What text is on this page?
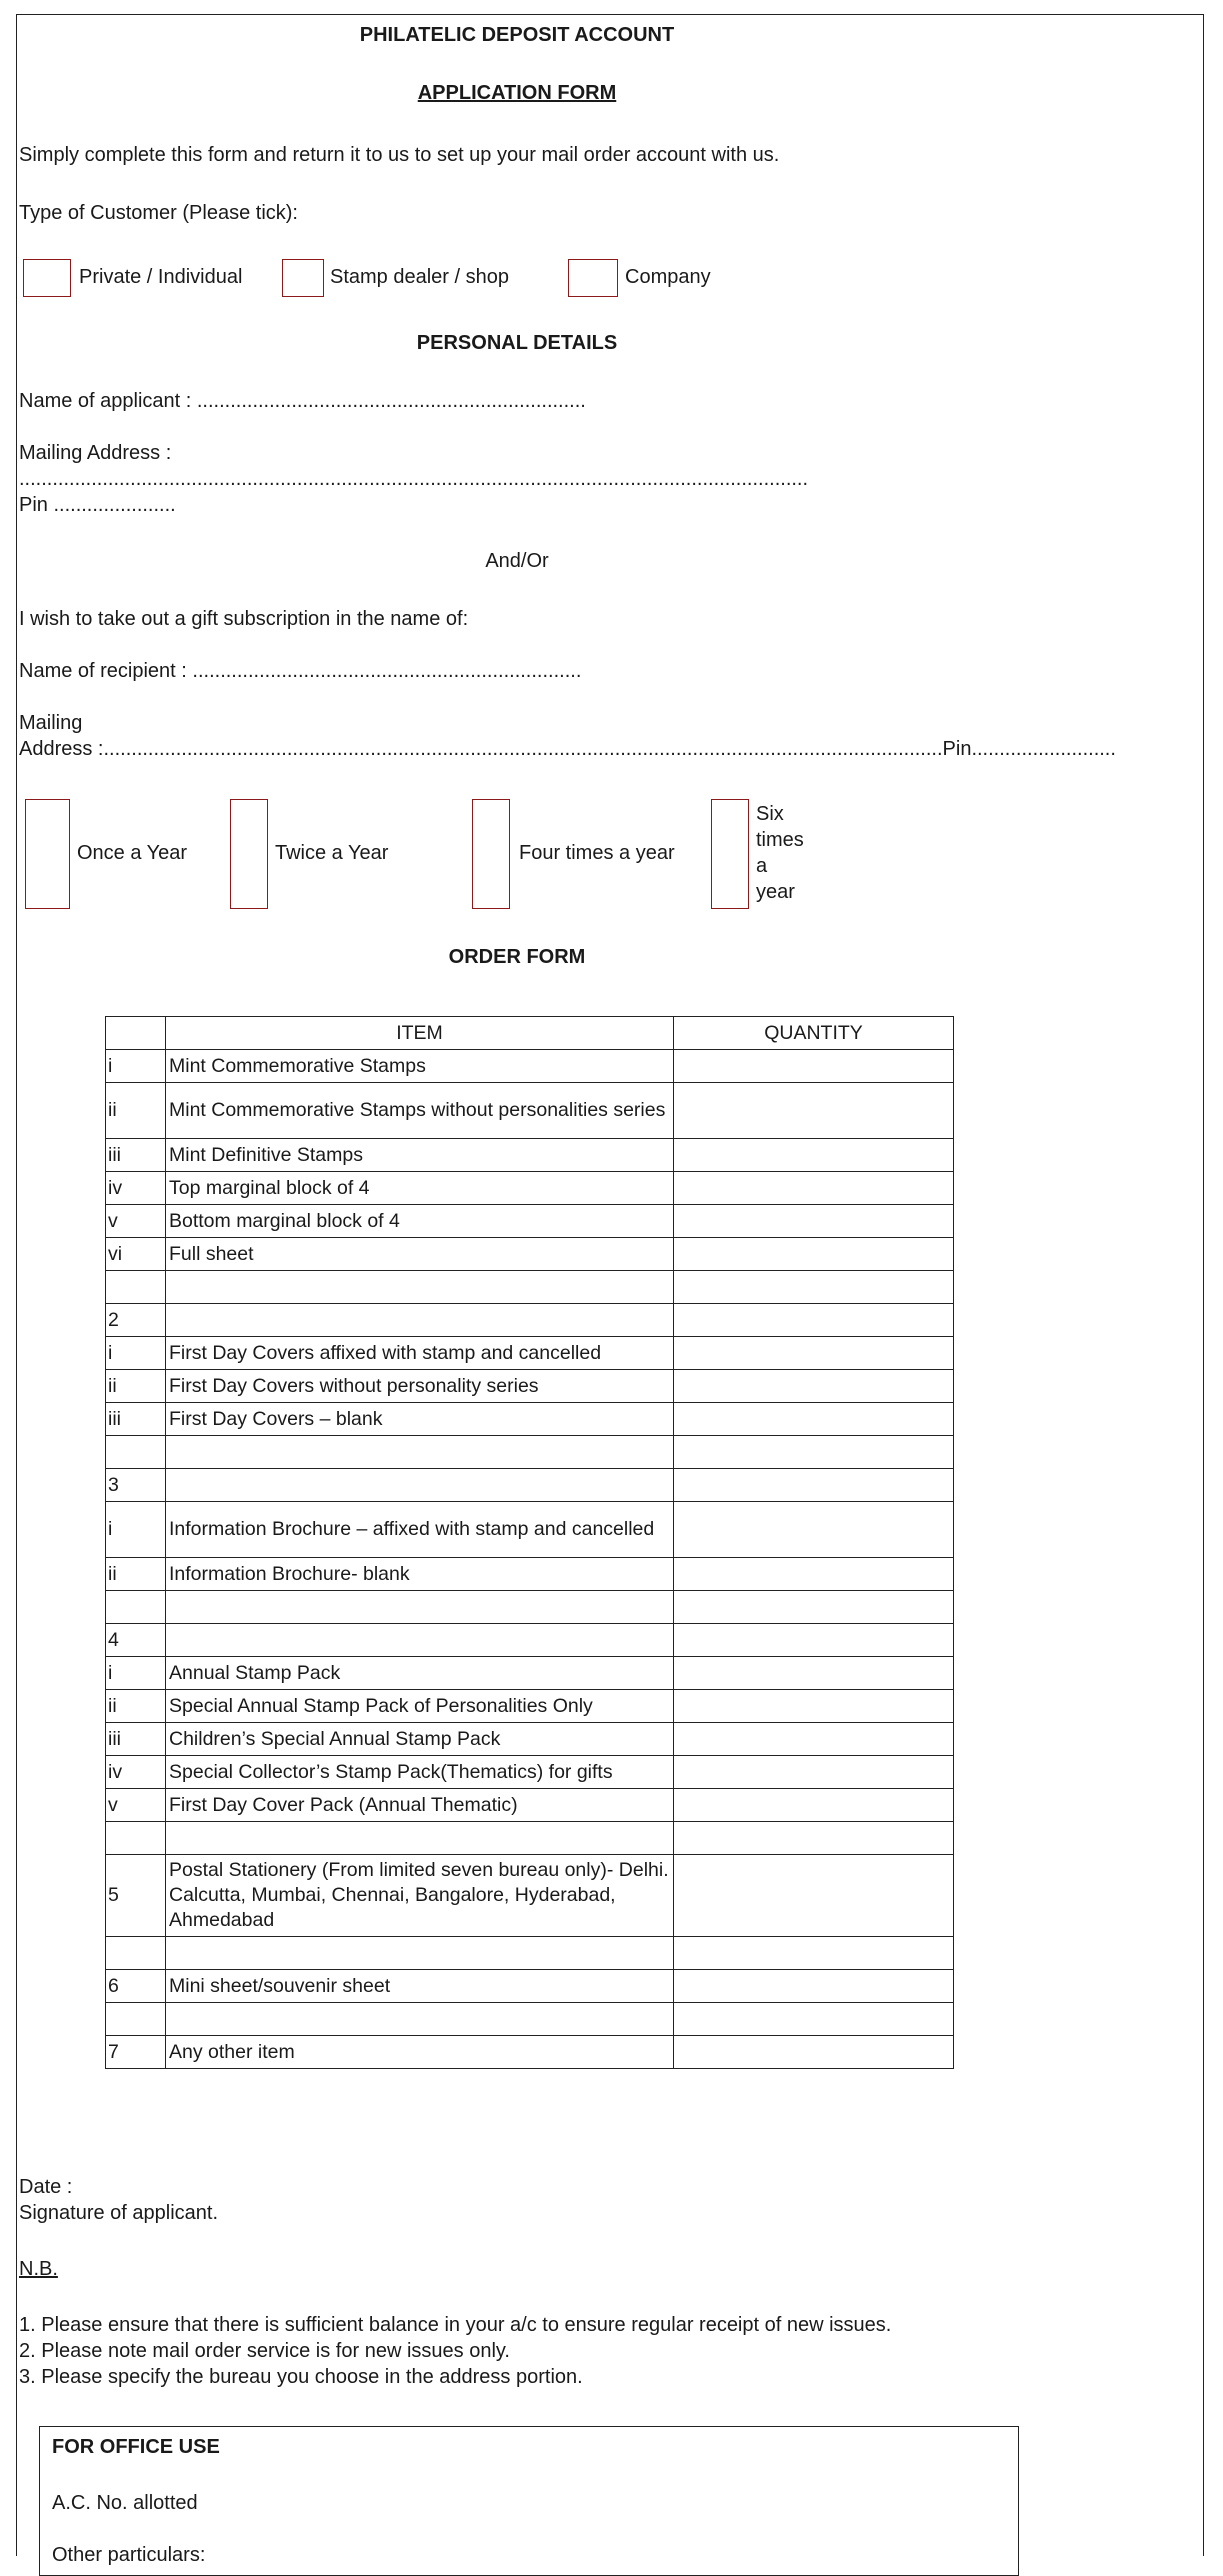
PHILATELIC DEPOSIT ACCOUNT
APPLICATION FORM
Simply complete this form and return it to us to set up your mail order account with us.
Type of Customer (Please tick):
Private / Individual	Stamp dealer / shop	Company
PERSONAL DETAILS
Name of applicant : ......................................................................
Mailing Address :
..............................................................................................................................................
Pin ......................
And/Or
I wish to take out a gift subscription in the name of:
Name of recipient : ......................................................................
Mailing
Address :.......................................................................................................................................................Pin..........................
Once a Year	Twice a Year	Four times a year
Six
times
a
year
ORDER FORM
	ITEM	QUANTITY
i	Mint Commemorative Stamps	
ii	Mint Commemorative Stamps without personalities series	
iii	Mint Definitive Stamps	
iv	Top marginal block of 4	
v	Bottom marginal block of 4	
vi	Full sheet	

2		
i	First Day Covers affixed with stamp and cancelled	
ii	First Day Covers without personality series	
iii	First Day Covers – blank	

3		
i	Information Brochure – affixed with stamp and cancelled	
ii	Information Brochure- blank	

4		
i	Annual Stamp Pack	
ii	Special Annual Stamp Pack of Personalities Only	
iii	Children’s Special Annual Stamp Pack	
iv	Special Collector’s Stamp Pack(Thematics) for gifts	
v	First Day Cover Pack (Annual Thematic)	

5	Postal Stationery (From limited seven bureau only)- Delhi. Calcutta, Mumbai, Chennai, Bangalore, Hyderabad, Ahmedabad	

6	Mini sheet/souvenir sheet	

7	Any other item	
Date :
Signature of applicant.
N.B.
1. Please ensure that there is sufficient balance in your a/c to ensure regular receipt of new issues.
2. Please note mail order service is for new issues only.
3. Please specify the bureau you choose in the address portion.
FOR OFFICE USE
A.C. No. allotted
Other particulars:
